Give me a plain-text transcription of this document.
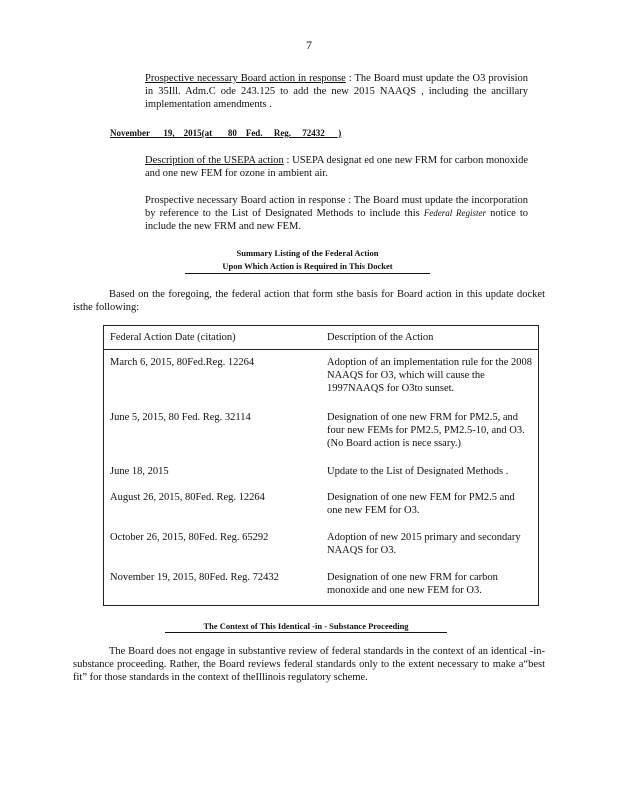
7
Prospective necessary Board action in response : The Board must update the O3 provision in 35Ill. Adm.C ode 243.125 to add the new 2015 NAAQS , including the ancillary implementation amendments .
November      19,    2015(at       80    Fed.     Reg.     72432      )
Description of the USEPA action : USEPA designat ed one new FRM for carbon monoxide and one new FEM for ozone in ambient air.
Prospective necessary Board action in response : The Board must update the incorporation by reference to the List of Designated Methods to include this Federal Register notice to include the new FRM and new FEM.
Summary Listing of the Federal Action
Upon Which Action is Required in This Docket
Based on the foregoing, the federal action that form sthe basis for Board action in this update docket isthe following:
Federal Action Date (citation)	Description of the Action
March 6, 2015, 80Fed.Reg. 12264	Adoption of an implementation rule for the 2008 NAAQS for O3, which will cause the 1997NAAQS for O3to sunset.
June 5, 2015, 80 Fed. Reg. 32114	Designation of one new FRM for PM2.5, and four new FEMs for PM2.5, PM2.5-10, and O3. (No Board action is nece ssary.)
June 18, 2015	Update to the List of Designated Methods .
August 26, 2015, 80Fed. Reg. 12264	Designation of one new FEM for PM2.5 and one new FEM for O3.
October 26, 2015, 80Fed. Reg. 65292	Adoption of new 2015 primary and secondary NAAQS for O3.
November 19, 2015, 80Fed. Reg. 72432	Designation of one new FRM for carbon monoxide and one new FEM for O3.
The Context of This Identical -in - Substance Proceeding
The Board does not engage in substantive review of federal standards in the context of an identical -in-substance proceeding. Rather, the Board reviews federal standards only to the extent necessary to make a“best fit” for those standards in the context of theIllinois regulatory scheme.
